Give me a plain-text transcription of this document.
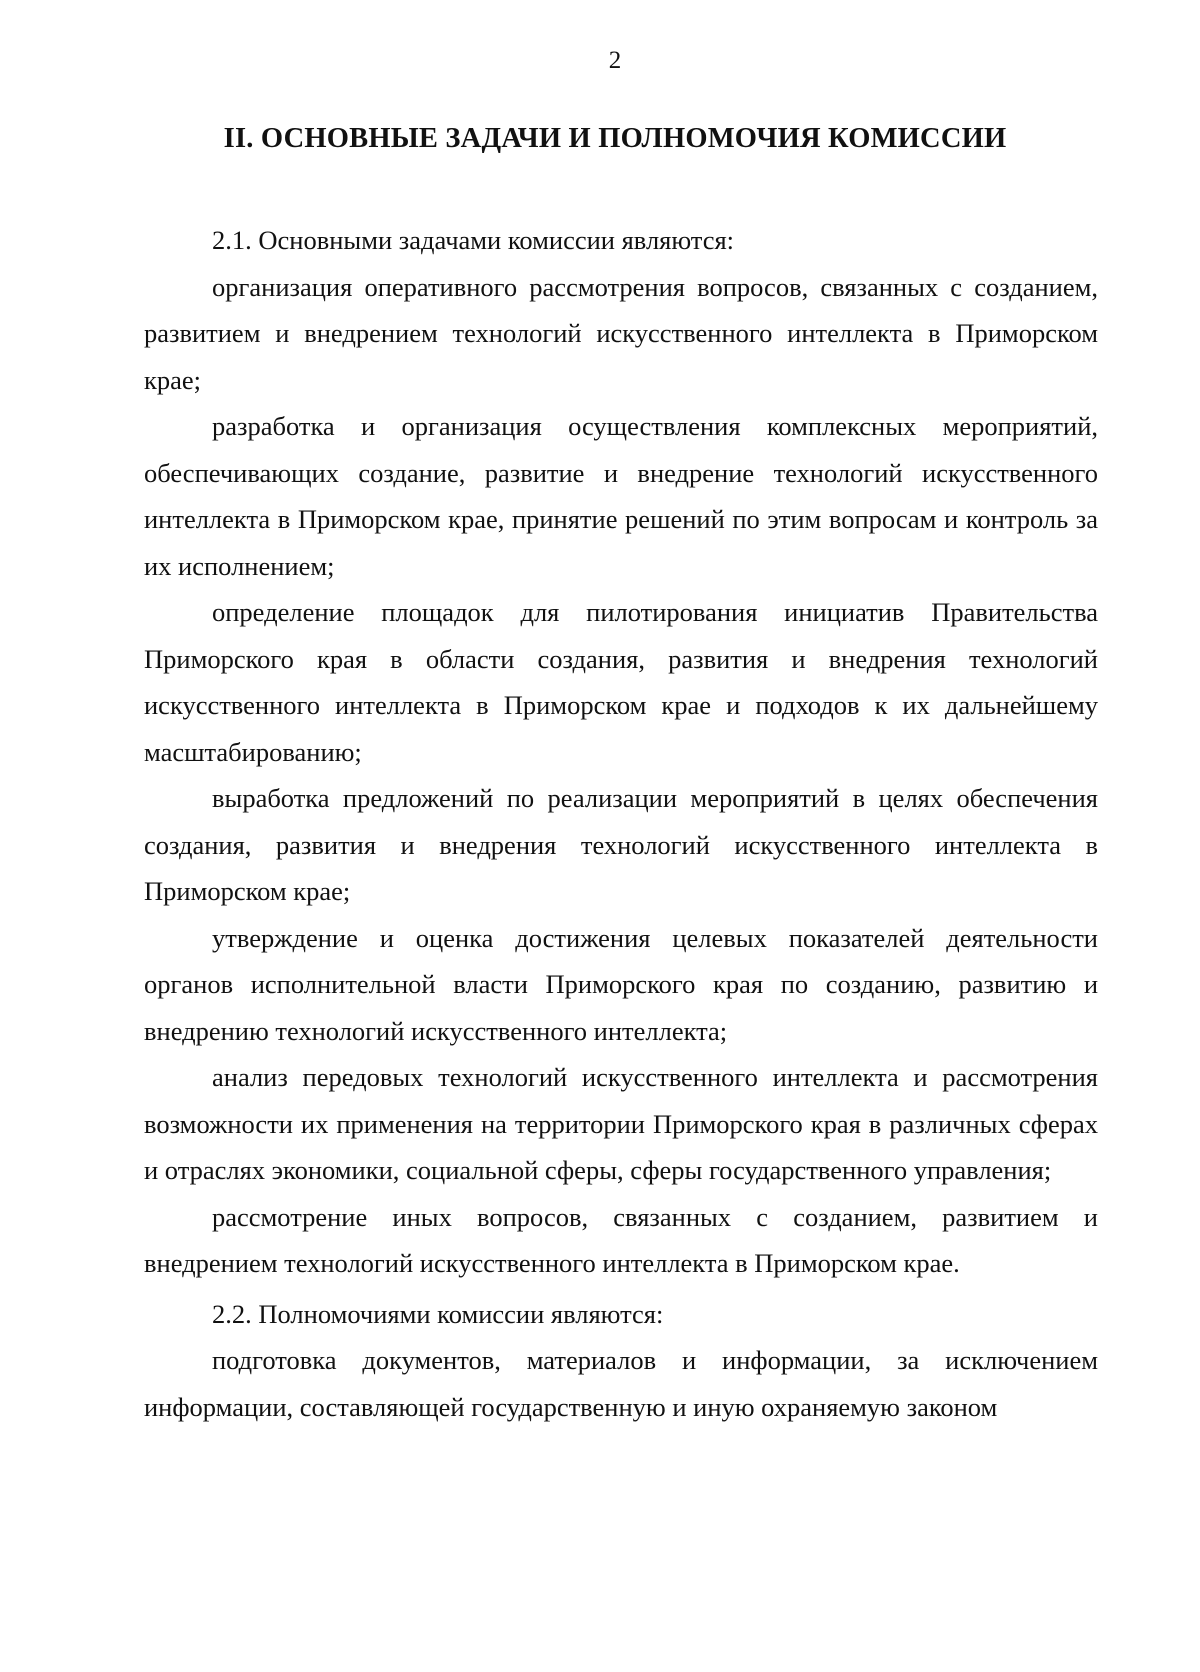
2
II. ОСНОВНЫЕ ЗАДАЧИ И ПОЛНОМОЧИЯ КОМИССИИ

2.1. Основными задачами комиссии являются:

организация оперативного рассмотрения вопросов, связанных с созданием, развитием и внедрением технологий искусственного интеллекта в Приморском крае;

разработка и организация осуществления комплексных мероприятий, обеспечивающих создание, развитие и внедрение технологий искусственного интеллекта в Приморском крае, принятие решений по этим вопросам и контроль за их исполнением;

определение площадок для пилотирования инициатив Правительства Приморского края в области создания, развития и внедрения технологий искусственного интеллекта в Приморском крае и подходов к их дальнейшему масштабированию;

выработка предложений по реализации мероприятий в целях обеспечения создания, развития и внедрения технологий искусственного интеллекта в Приморском крае;

утверждение и оценка достижения целевых показателей деятельности органов исполнительной власти Приморского края по созданию, развитию и внедрению технологий искусственного интеллекта;

анализ передовых технологий искусственного интеллекта и рассмотрения возможности их применения на территории Приморского края в различных сферах и отраслях экономики, социальной сферы, сферы государственного управления;

рассмотрение иных вопросов, связанных с созданием, развитием и внедрением технологий искусственного интеллекта в Приморском крае.

2.2. Полномочиями комиссии являются:

подготовка документов, материалов и информации, за исключением информации, составляющей государственную и иную охраняемую законом
